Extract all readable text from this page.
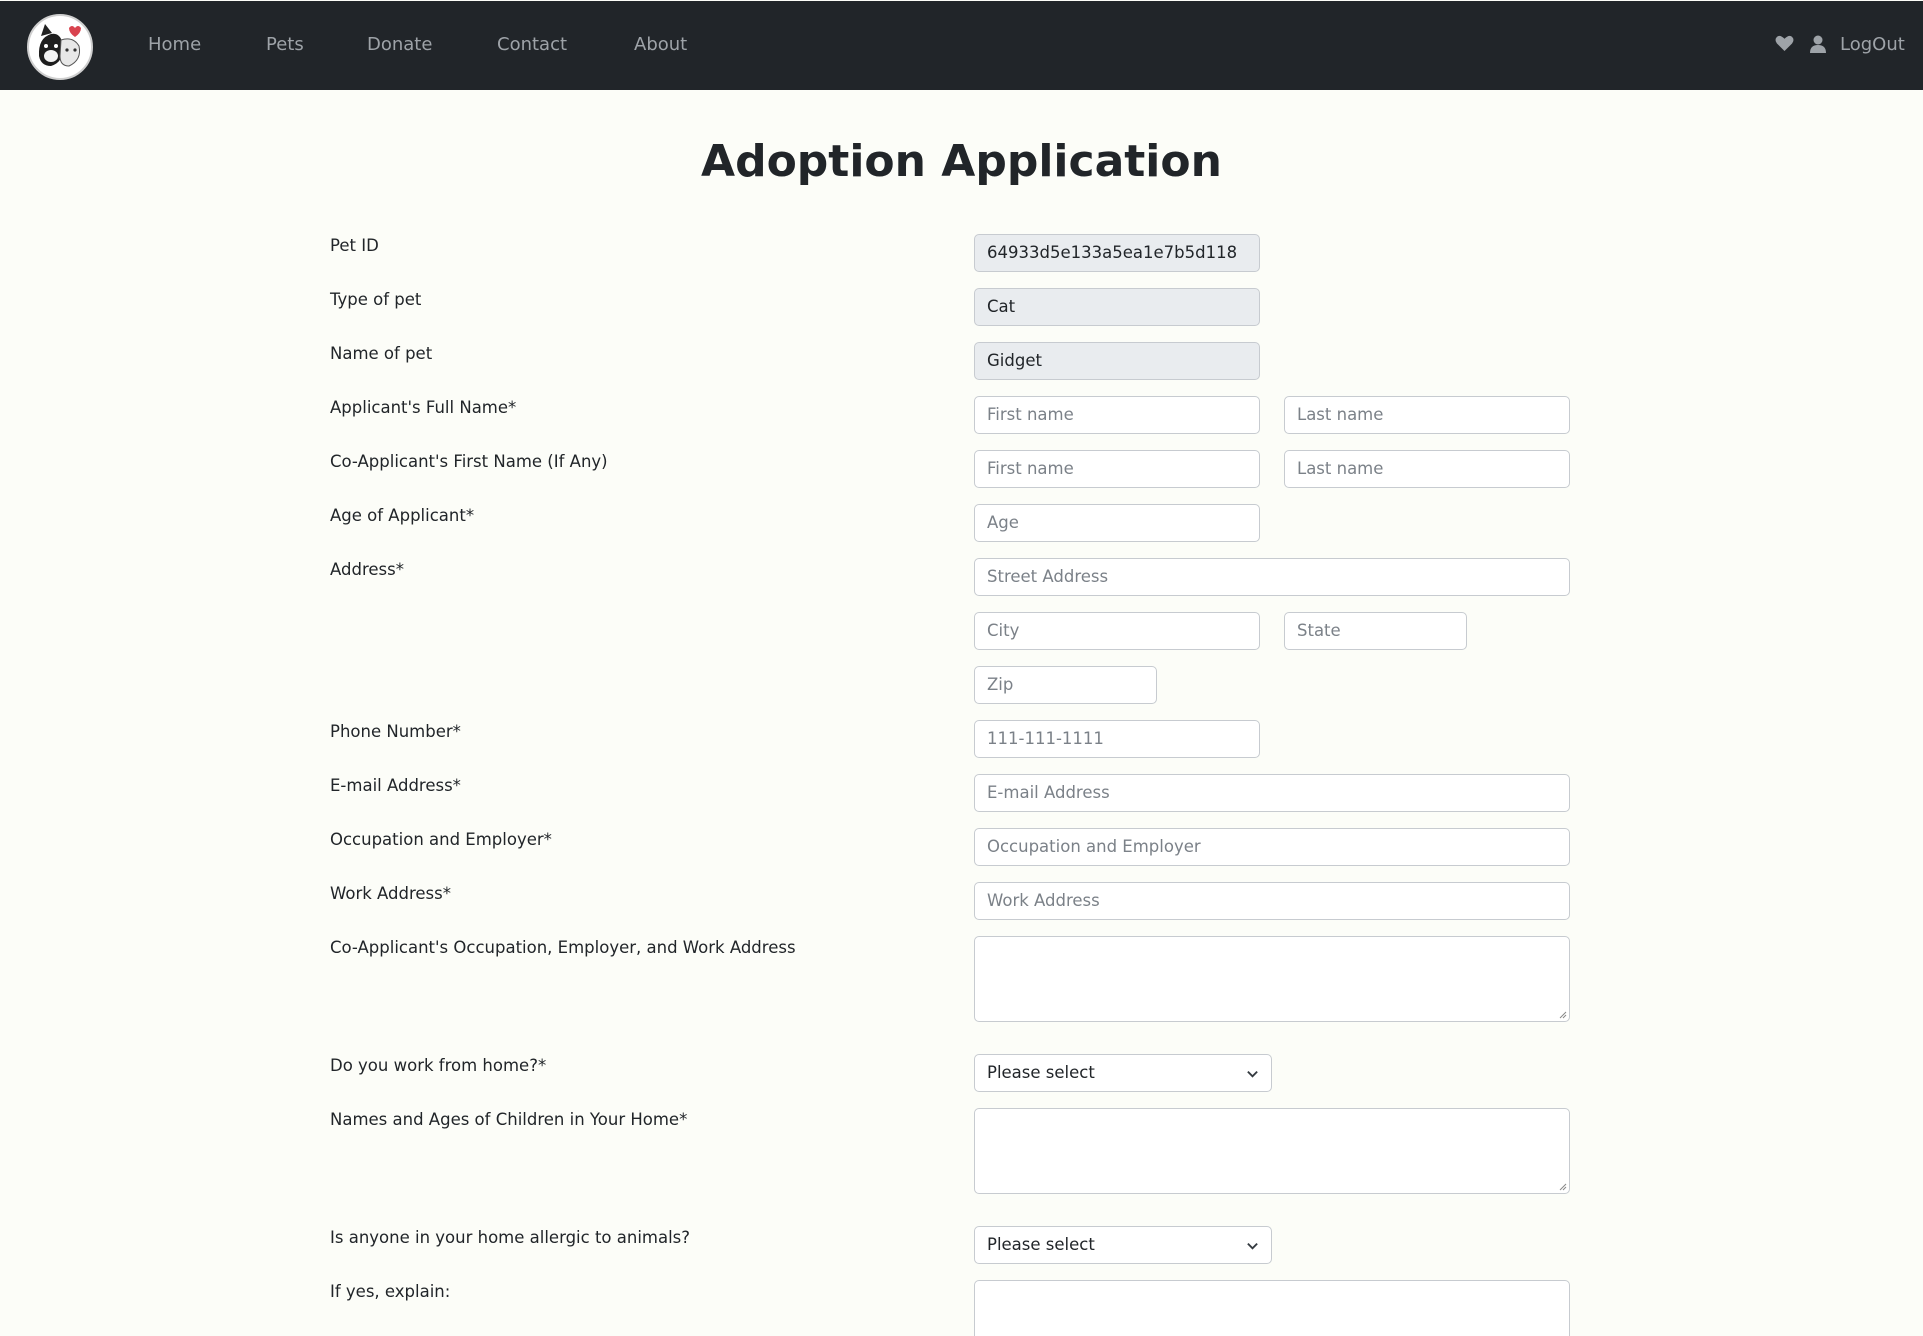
Home	Pets	Donate	Contact	About	LogOut
Adoption Application
Pet ID	64933d5e133a5ea1e7b5d118
Type of pet	Cat
Name of pet	Gidget
Applicant's Full Name*	First name	Last name
Co-Applicant's First Name (If Any)	First name	Last name
Age of Applicant*	Age
Address*	Street Address
City	State
Zip
Phone Number*	111-111-1111
E-mail Address*	E-mail Address
Occupation and Employer*	Occupation and Employer
Work Address*	Work Address
Co-Applicant's Occupation, Employer, and Work Address
Do you work from home?*	Please select
Names and Ages of Children in Your Home*
Is anyone in your home allergic to animals?	Please select
If yes, explain:
